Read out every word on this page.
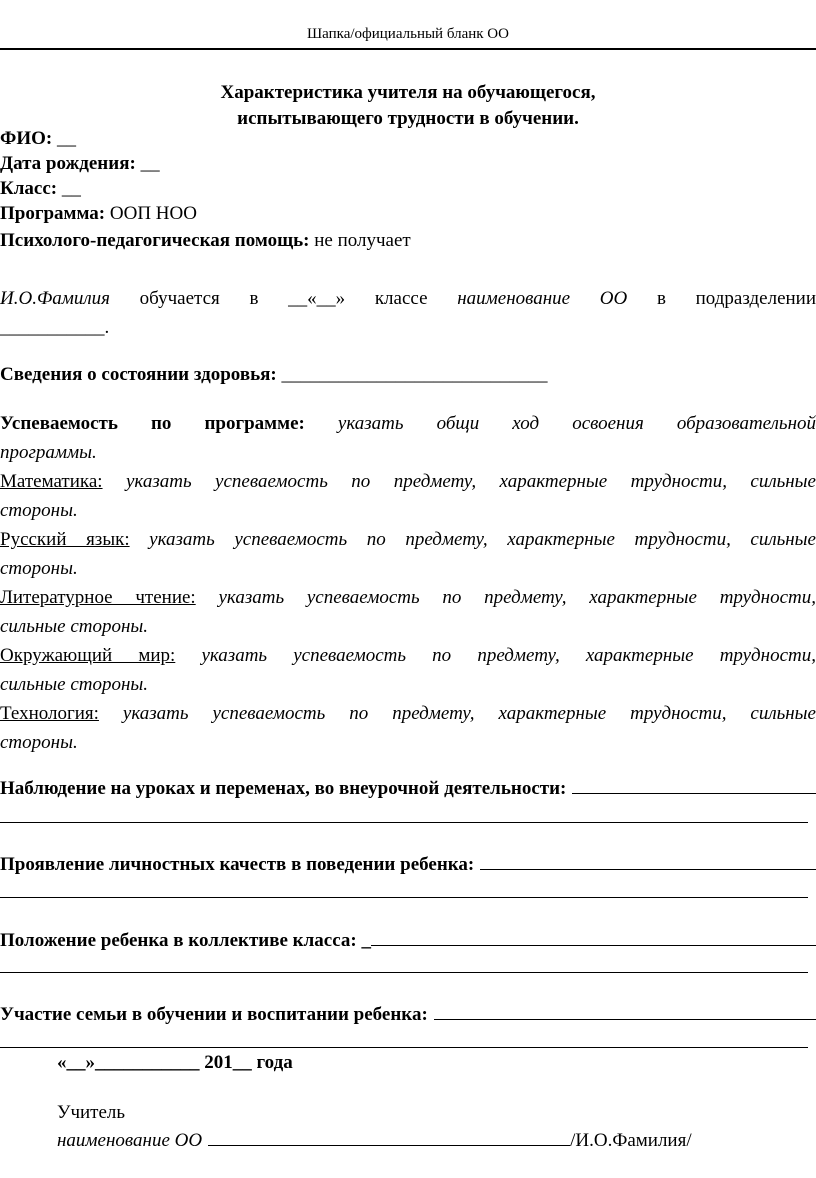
Шапка/официальный бланк ОО
Характеристика учителя на обучающегося,
испытывающего трудности в обучении.

ФИО: __

Дата рождения: __

Класс: __

Программа: ООП НОО

Психолого-педагогическая помощь: не получает

И.О.Фамилия обучается в __«__» классе наименование ОО в подразделении

___________.

Сведения о состоянии здоровья: ____________________________

Успеваемость по программе: указать общи ход освоения образовательной

программы.

Математика: указать успеваемость по предмету, характерные трудности, сильные

стороны.

Русский язык: указать успеваемость по предмету, характерные трудности, сильные

стороны.

Литературное чтение: указать успеваемость по предмету, характерные трудности,

сильные стороны.

Окружающий мир: указать успеваемость по предмету, характерные трудности,

сильные стороны.

Технология: указать успеваемость по предмету, характерные трудности, сильные

стороны.

Наблюдение на уроках и переменах, во внеурочной деятельности:
Проявление личностных качеств в поведении ребенка:
Положение ребенка в коллективе класса: _
Участие семьи в обучении и воспитании ребенка:
«__»___________ 201__ года
Учитель
наименование ОО	/И.О.Фамилия/
